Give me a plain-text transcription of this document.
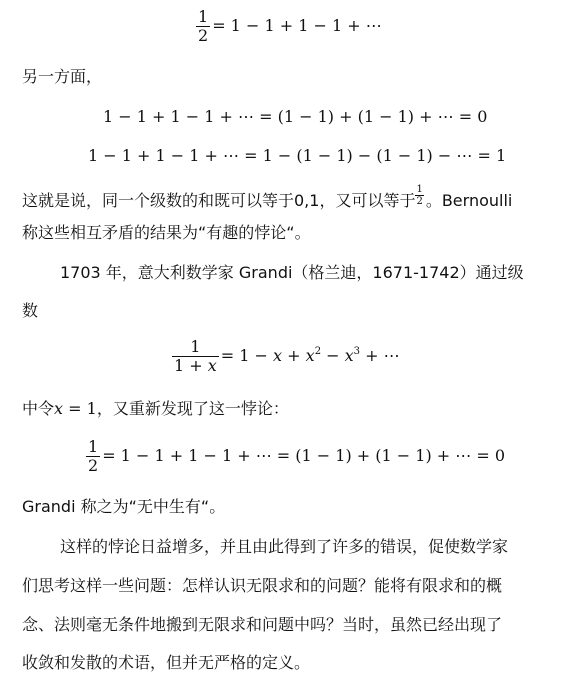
$\frac{1}{2} = 1 - 1 + 1 - 1$ + ⋯
另一方面，
1 − 1 + 1 − 1 + ⋯ = (1 − 1) + (1 − 1) + ⋯ = 0
1 − 1 + 1 − 1 + ⋯ = 1 − (1 − 1) − (1 − 1) − ⋯ = 1
这就是说，同一个级数的和既可以等于0,1，又可以等于 $\frac{1}{2}$ 。Bernoulli
称这些相互矛盾的结果为“有趣的悖论“。
1703 年，意大利数学家 Grandi（格兰迪，1671-1742）通过级
数
$\frac{1}{1 + x} = 1 - x + x^2 - x^3$ + ⋯
中令x = 1，又重新发现了这一悖论：
$\frac{1}{2} = 1 - 1 + 1 - 1$ + ⋯ = (1 − 1) + (1 − 1) + ⋯ = 0
Grandi 称之为“无中生有“。
这样的悖论日益增多，并且由此得到了许多的错误，促使数学家
们思考这样一些问题：怎样认识无限求和的问题？能将有限求和的概
念、法则毫无条件地搬到无限求和问题中吗？当时，虽然已经出现了
收敛和发散的术语，但并无严格的定义。
